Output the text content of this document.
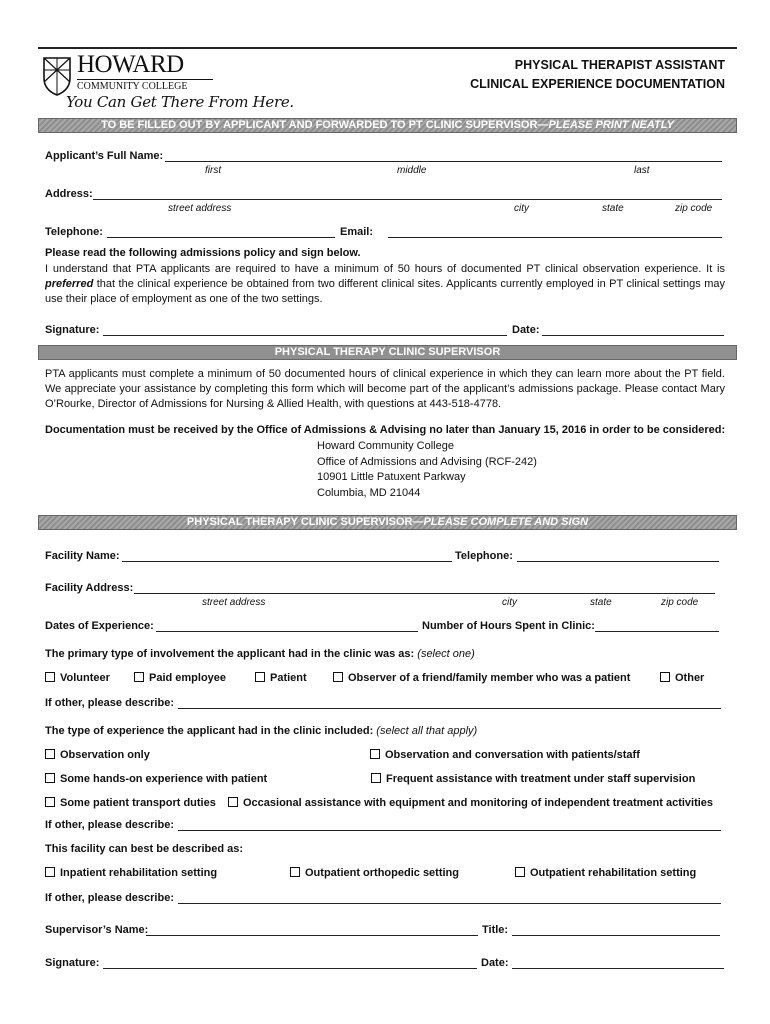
HOWARD
COMMUNITY COLLEGE
You Can Get There From Here.
PHYSICAL THERAPIST ASSISTANT
CLINICAL EXPERIENCE DOCUMENTATION
TO BE FILLED OUT BY APPLICANT AND FORWARDED TO PT CLINIC SUPERVISOR—PLEASE PRINT NEATLY
Applicant’s Full Name:
first	middle	last
Address:
street address	city	state	zip code
Telephone:	Email:
Please read the following admissions policy and sign below.
I understand that PTA applicants are required to have a minimum of 50 hours of documented PT clinical observation experience. It is preferred that the clinical experience be obtained from two different clinical sites. Applicants currently employed in PT clinical settings may use their place of employment as one of the two settings.
Signature:	Date:
PHYSICAL THERAPY CLINIC SUPERVISOR
PTA applicants must complete a minimum of 50 documented hours of clinical experience in which they can learn more about the PT field. We appreciate your assistance by completing this form which will become part of the applicant’s admissions package. Please contact Mary O’Rourke, Director of Admissions for Nursing & Allied Health, with questions at 443-518-4778.
Documentation must be received by the Office of Admissions & Advising no later than January 15, 2016 in order to be considered:
Howard Community College
Office of Admissions and Advising (RCF-242)
10901 Little Patuxent Parkway
Columbia, MD 21044
PHYSICAL THERAPY CLINIC SUPERVISOR—PLEASE COMPLETE AND SIGN
Facility Name:	Telephone:
Facility Address:
street address	city	state	zip code
Dates of Experience:	Number of Hours Spent in Clinic:
The primary type of involvement the applicant had in the clinic was as: (select one)
Volunteer	Paid employee	Patient	Observer of a friend/family member who was a patient	Other
If other, please describe:
The type of experience the applicant had in the clinic included: (select all that apply)
Observation only	Observation and conversation with patients/staff
Some hands-on experience with patient	Frequent assistance with treatment under staff supervision
Some patient transport duties	Occasional assistance with equipment and monitoring of independent treatment activities
If other, please describe:
This facility can best be described as:
Inpatient rehabilitation setting	Outpatient orthopedic setting	Outpatient rehabilitation setting
If other, please describe:
Supervisor’s Name:	Title:
Signature:	Date:
